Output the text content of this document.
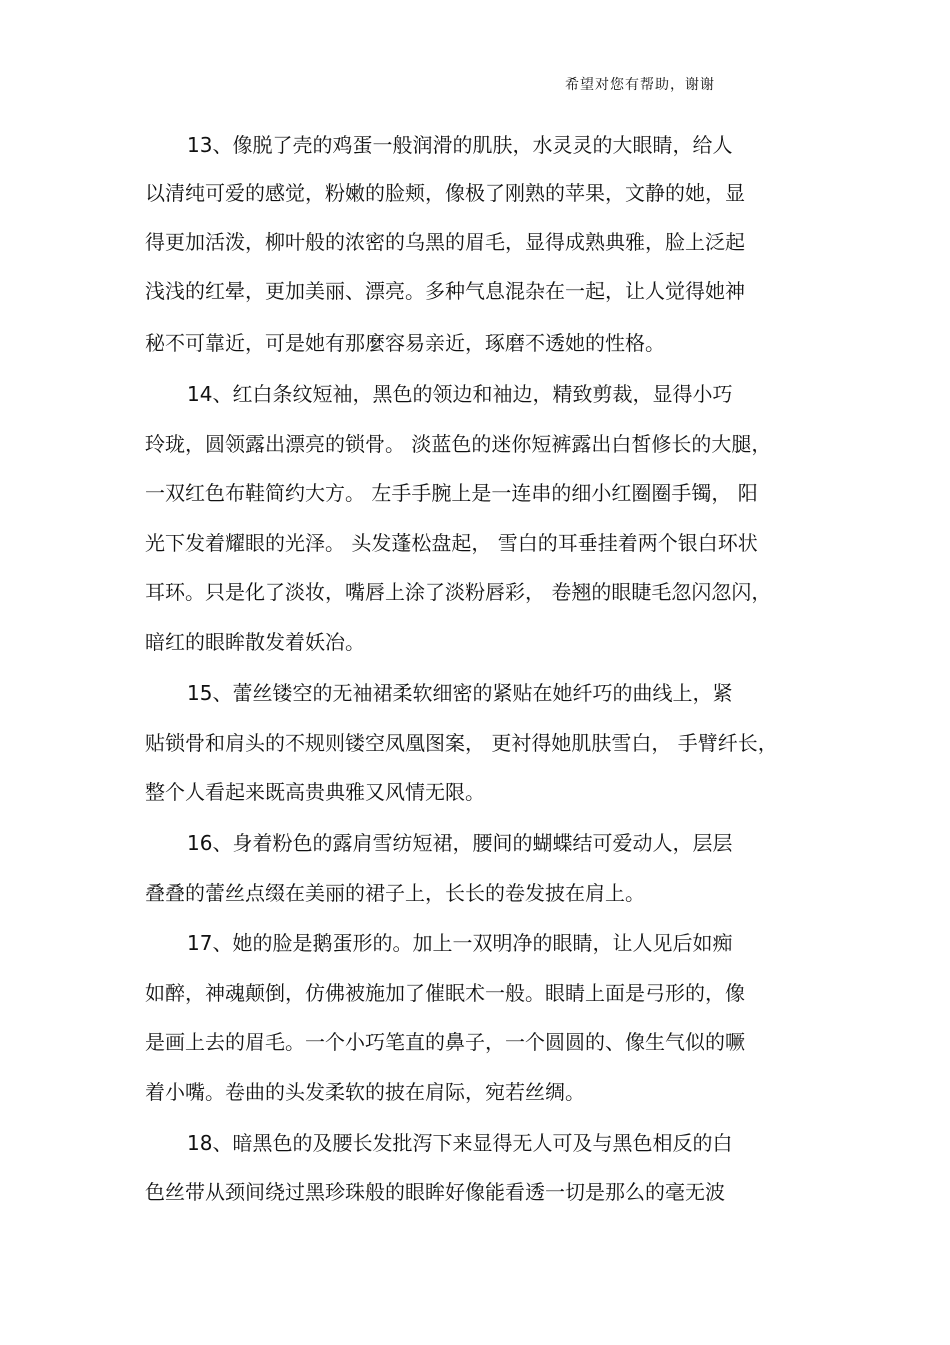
希望对您有帮助，谢谢
13、像脱了壳的鸡蛋一般润滑的肌肤，水灵灵的大眼睛，给人
以清纯可爱的感觉，粉嫩的脸颊，像极了刚熟的苹果，文静的她，显
得更加活泼，柳叶般的浓密的乌黑的眉毛，显得成熟典雅，脸上泛起
浅浅的红晕，更加美丽、漂亮。多种气息混杂在一起，让人觉得她神
秘不可靠近，可是她有那麼容易亲近，琢磨不透她的性格。
14、红白条纹短袖，黑色的领边和袖边，精致剪裁，显得小巧
玲珑，圆领露出漂亮的锁骨。 淡蓝色的迷你短裤露出白皙修长的大腿，
一双红色布鞋简约大方。 左手手腕上是一连串的细小红圈圈手镯， 阳
光下发着耀眼的光泽。 头发蓬松盘起， 雪白的耳垂挂着两个银白环状
耳环。只是化了淡妆，嘴唇上涂了淡粉唇彩， 卷翘的眼睫毛忽闪忽闪，
暗红的眼眸散发着妖冶。
15、蕾丝镂空的无袖裙柔软细密的紧贴在她纤巧的曲线上，紧
贴锁骨和肩头的不规则镂空凤凰图案， 更衬得她肌肤雪白， 手臂纤长，
整个人看起来既高贵典雅又风情无限。
16、身着粉色的露肩雪纺短裙，腰间的蝴蝶结可爱动人，层层
叠叠的蕾丝点缀在美丽的裙子上，长长的卷发披在肩上。
17、她的脸是鹅蛋形的。加上一双明净的眼睛，让人见后如痴
如醉，神魂颠倒，仿佛被施加了催眠术一般。眼睛上面是弓形的，像
是画上去的眉毛。一个小巧笔直的鼻子，一个圆圆的、像生气似的噘
着小嘴。卷曲的头发柔软的披在肩际，宛若丝绸。
18、暗黑色的及腰长发批泻下来显得无人可及与黑色相反的白
色丝带从颈间绕过黑珍珠般的眼眸好像能看透一切是那么的毫无波
